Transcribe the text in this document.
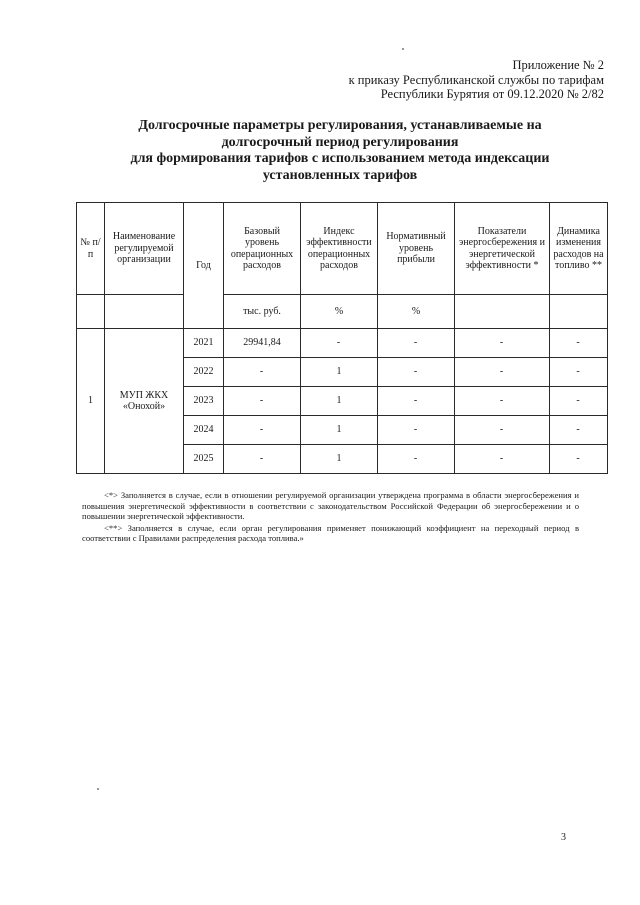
Приложение № 2
к приказу Республиканской службы по тарифам
Республики Бурятия от 09.12.2020 № 2/82
Долгосрочные параметры регулирования, устанавливаемые на
долгосрочный период регулирования
для формирования тарифов с использованием метода индексации
установленных тарифов
№ п/п	Наименование регулируемой организации	Год	Базовый уровень операционных расходов	Индекс эффективности операционных расходов	Нормативный уровень прибыли	Показатели энергосбережения и энергетической эффективности *	Динамика изменения расходов на топливо **
			тыс. руб.	%	%		
1	МУП ЖКХ «Онохой»	2021	29941,84	-	-	-	-
		2022	-	1	-	-	-
		2023	-	1	-	-	-
		2024	-	1	-	-	-
		2025	-	1	-	-	-

<*> Заполняется в случае, если в отношении регулируемой организации утверждена программа в области энергосбережения и повышения энергетической эффективности в соответствии с законодательством Российской Федерации об энергосбережении и о повышении энергетической эффективности.

<**> Заполняется в случае, если орган регулирования применяет понижающий коэффициент на переходный период в соответствии с Правилами распределения расхода топлива.»

3
